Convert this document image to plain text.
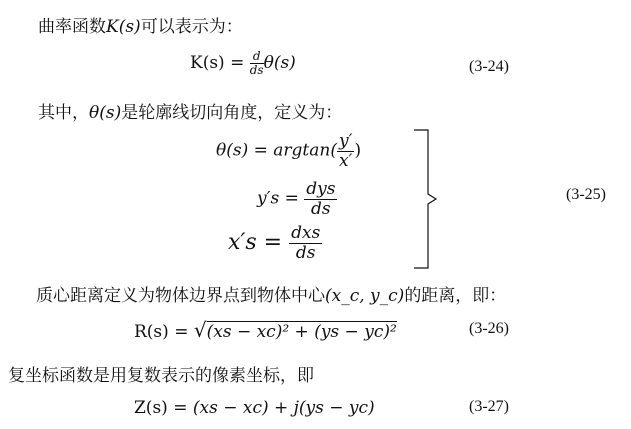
曲率函数K(s)可以表示为：
$K(s) = \frac{d}{ds} \theta(s)$	(3-24)
其中，θ(s)是轮廓线切向角度，定义为：
$\theta(s) = argtan( \frac{y'}{x'}$ )
$y's = \frac{\text{dys}}{ds}$
$x's = \frac{\text{dxs}}{ds}$
(3-25)
质心距离定义为物体边界点到物体中心(x_c, y_c)的距离，即：
R(s) = √(xs − xc)² + (ys − yc)²	(3-26)
复坐标函数是用复数表示的像素坐标，即
Z(s) = (xs − xc) + j(ys − yc)	(3-27)
